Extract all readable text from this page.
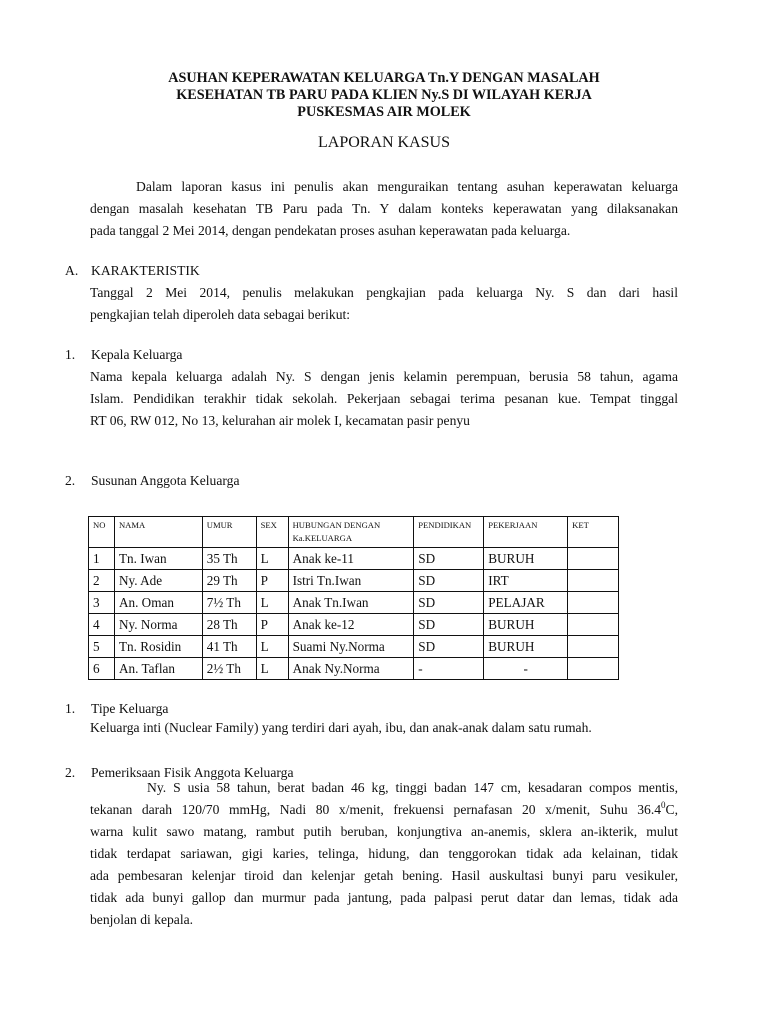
ASUHAN KEPERAWATAN KELUARGA Tn.Y DENGAN MASALAH
KESEHATAN TB PARU PADA KLIEN Ny.S DI WILAYAH KERJA
PUSKESMAS AIR MOLEK
LAPORAN KASUS

Dalam laporan kasus ini penulis akan menguraikan tentang asuhan keperawatan keluarga
dengan masalah kesehatan TB Paru pada Tn. Y dalam konteks keperawatan yang dilaksanakan
pada tanggal 2 Mei 2014, dengan pendekatan proses asuhan keperawatan pada keluarga.

A. KARAKTERISTIK

Tanggal 2 Mei 2014, penulis melakukan pengkajian pada keluarga Ny. S dan dari hasil
pengkajian telah diperoleh data sebagai berikut:

1. Kepala Keluarga

Nama kepala keluarga adalah Ny. S dengan jenis kelamin perempuan, berusia 58 tahun, agama
Islam. Pendidikan terakhir tidak sekolah. Pekerjaan sebagai terima pesanan kue. Tempat tinggal
RT 06, RW 012, No 13, kelurahan air molek I, kecamatan pasir penyu

2. Susunan Anggota Keluarga
NO	NAMA	UMUR	SEX	HUBUNGAN DENGAN Ka.KELUARGA	PENDIDIKAN	PEKERJAAN	KET
1	Tn. Iwan	35 Th	L	Anak ke-11	SD	BURUH	
2	Ny. Ade	29 Th	P	Istri Tn.Iwan	SD	IRT	
3	An. Oman	7½ Th	L	Anak Tn.Iwan	SD	PELAJAR	
4	Ny. Norma	28 Th	P	Anak ke-12	SD	BURUH	
5	Tn. Rosidin	41 Th	L	Suami Ny.Norma	SD	BURUH	
6	An. Taflan	2½ Th	L	Anak Ny.Norma	-	-	
1. Tipe Keluarga

Keluarga inti (Nuclear Family) yang terdiri dari ayah, ibu, dan anak-anak dalam satu rumah.

2. Pemeriksaan Fisik Anggota Keluarga

Ny. S usia 58 tahun, berat badan 46 kg, tinggi badan 147 cm, kesadaran compos mentis,
tekanan darah 120/70 mmHg, Nadi 80 x/menit, frekuensi pernafasan 20 x/menit, Suhu 36.4$^0$C,
warna kulit sawo matang, rambut putih beruban, konjungtiva an-anemis, sklera an-ikterik, mulut
tidak terdapat sariawan, gigi karies, telinga, hidung, dan tenggorokan tidak ada kelainan, tidak
ada pembesaran kelenjar tiroid dan kelenjar getah bening. Hasil auskultasi bunyi paru vesikuler,
tidak ada bunyi gallop dan murmur pada jantung, pada palpasi perut datar dan lemas, tidak ada
benjolan di kepala.
